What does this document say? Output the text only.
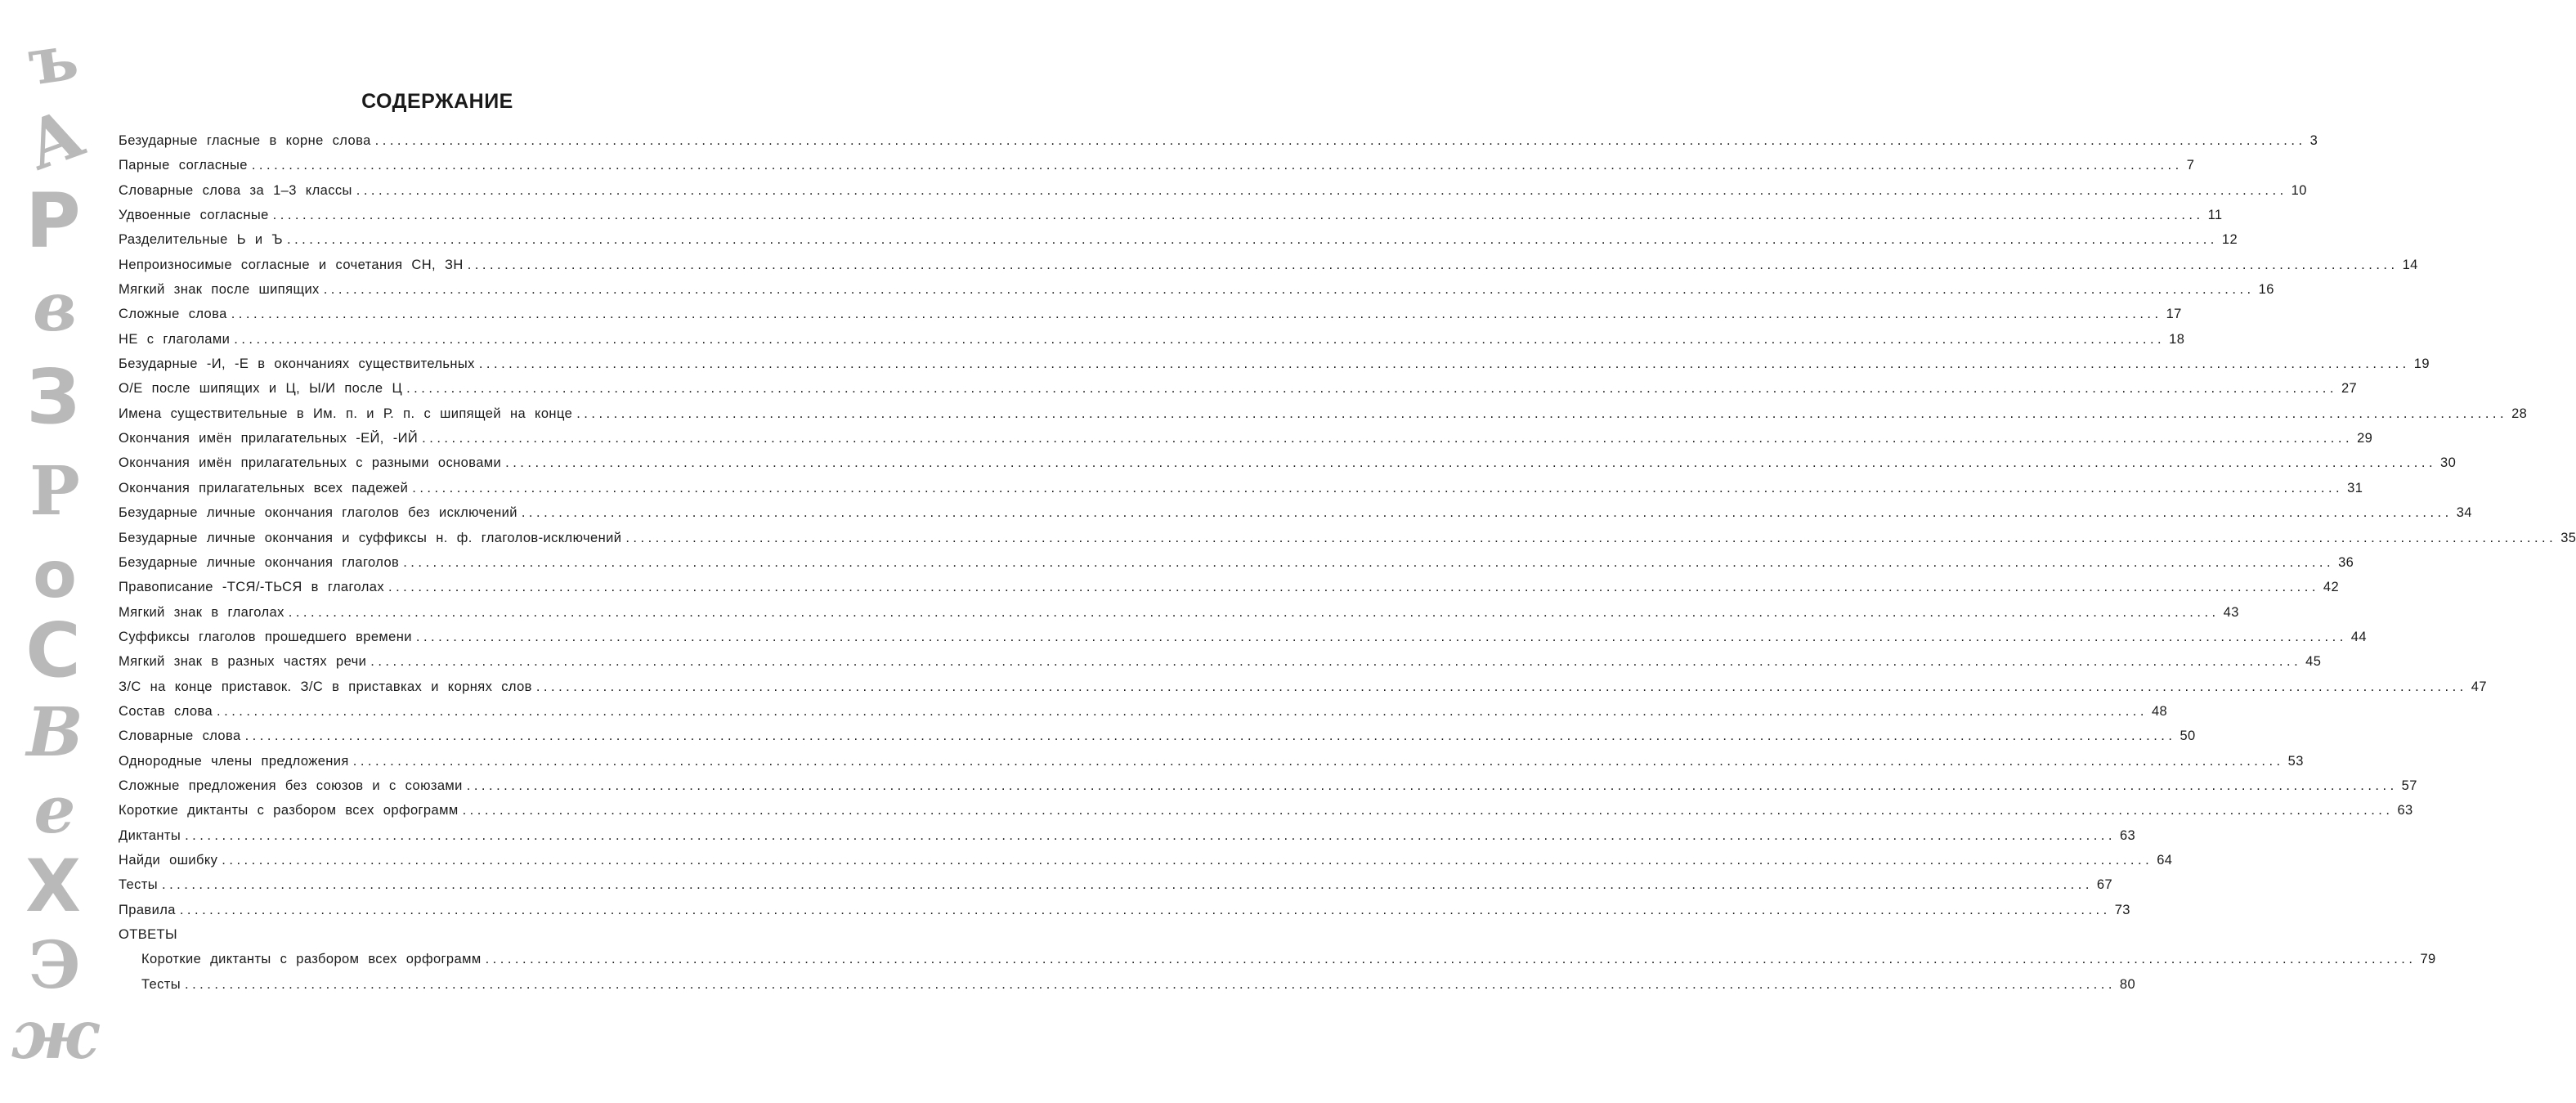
ъ
А
Р
в
З
Р
о
С
В
е
Х
Э
ж
СОДЕРЖАНИЕ
Безударные гласные в корне слова .................................................................................................................................................................................................................................................................... 3
Парные согласные .................................................................................................................................................................................................................................................................... 7
Словарные слова за 1–3 классы .................................................................................................................................................................................................................................................................... 10
Удвоенные согласные .................................................................................................................................................................................................................................................................... 11
Разделительные Ь и Ъ .................................................................................................................................................................................................................................................................... 12
Непроизносимые согласные и сочетания СН, ЗН .................................................................................................................................................................................................................................................................... 14
Мягкий знак после шипящих .................................................................................................................................................................................................................................................................... 16
Сложные слова .................................................................................................................................................................................................................................................................... 17
НЕ с глаголами .................................................................................................................................................................................................................................................................... 18
Безударные -И, -Е в окончаниях существительных .................................................................................................................................................................................................................................................................... 19
О/Е после шипящих и Ц, Ы/И после Ц .................................................................................................................................................................................................................................................................... 27
Имена существительные в Им. п. и Р. п. с шипящей на конце .................................................................................................................................................................................................................................................................... 28
Окончания имён прилагательных -ЕЙ, -ИЙ .................................................................................................................................................................................................................................................................... 29
Окончания имён прилагательных с разными основами .................................................................................................................................................................................................................................................................... 30
Окончания прилагательных всех падежей .................................................................................................................................................................................................................................................................... 31
Безударные личные окончания глаголов без исключений .................................................................................................................................................................................................................................................................... 34
Безударные личные окончания и суффиксы н. ф. глаголов-исключений .................................................................................................................................................................................................................................................................... 35
Безударные личные окончания глаголов .................................................................................................................................................................................................................................................................... 36
Правописание -ТСЯ/-ТЬСЯ в глаголах .................................................................................................................................................................................................................................................................... 42
Мягкий знак в глаголах .................................................................................................................................................................................................................................................................... 43
Суффиксы глаголов прошедшего времени .................................................................................................................................................................................................................................................................... 44
Мягкий знак в разных частях речи .................................................................................................................................................................................................................................................................... 45
З/С на конце приставок. З/С в приставках и корнях слов .................................................................................................................................................................................................................................................................... 47
Состав слова .................................................................................................................................................................................................................................................................... 48
Словарные слова .................................................................................................................................................................................................................................................................... 50
Однородные члены предложения .................................................................................................................................................................................................................................................................... 53
Сложные предложения без союзов и с союзами .................................................................................................................................................................................................................................................................... 57
Короткие диктанты с разбором всех орфограмм .................................................................................................................................................................................................................................................................... 63
Диктанты .................................................................................................................................................................................................................................................................... 63
Найди ошибку .................................................................................................................................................................................................................................................................... 64
Тесты .................................................................................................................................................................................................................................................................... 67
Правила .................................................................................................................................................................................................................................................................... 73
ОТВЕТЫ
Короткие диктанты с разбором всех орфограмм .................................................................................................................................................................................................................................................................... 79
Тесты .................................................................................................................................................................................................................................................................... 80
